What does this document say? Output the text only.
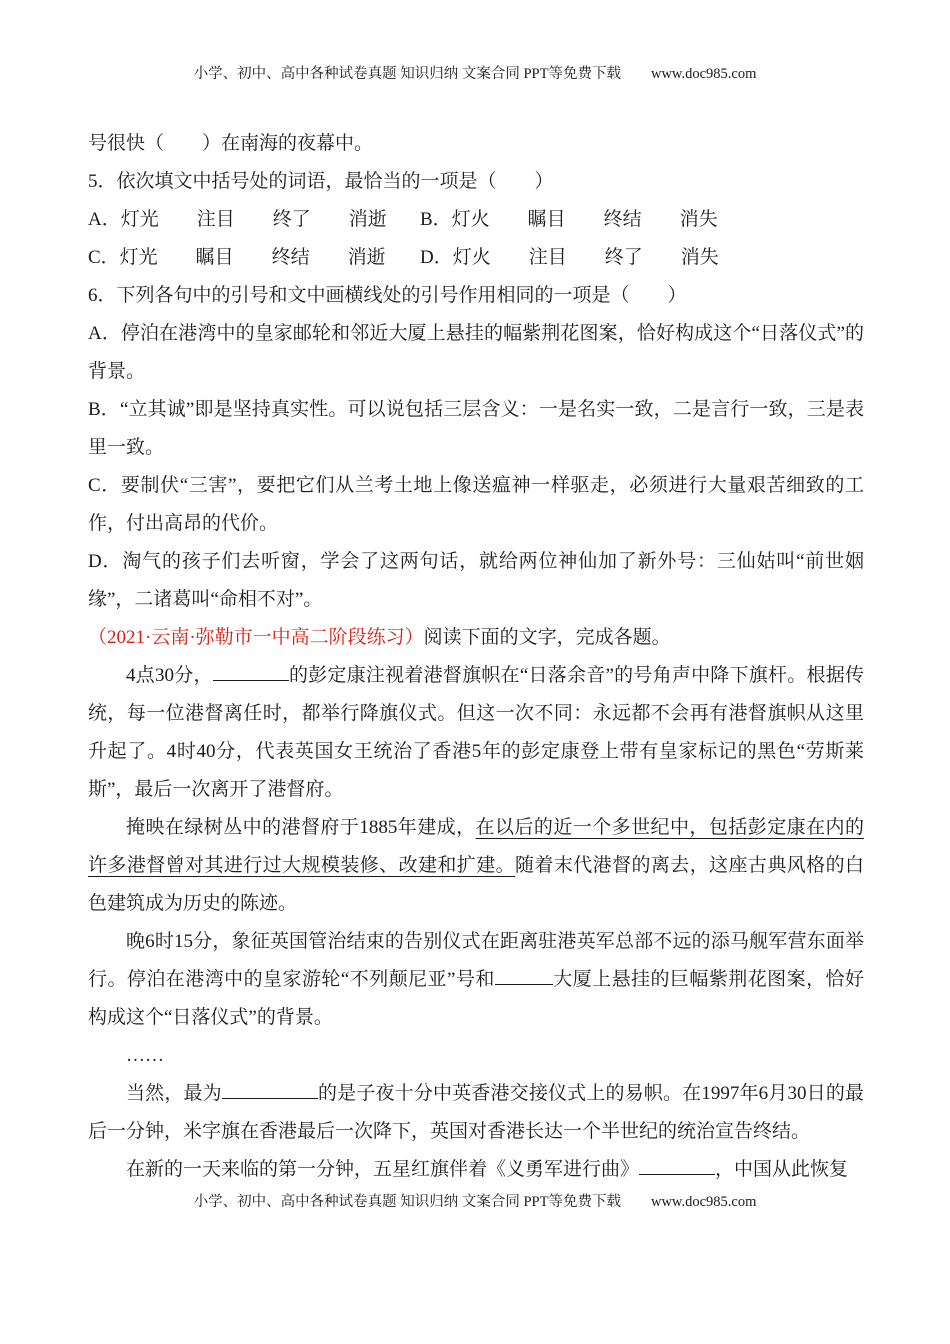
小学、初中、高中各种试卷真题 知识归纳 文案合同 PPT等免费下载 www.doc985.com

号很快（　　）在南海的夜幕中。

5．依次填文中括号处的词语，最恰当的一项是（　　）

A．灯光　　注目　　终了　　消逝	B．灯火　　瞩目　　终结　　消失
C．灯光　　瞩目　　终结　　消逝	D．灯火　　注目　　终了　　消失

6．下列各句中的引号和文中画横线处的引号作用相同的一项是（　　）

A．停泊在港湾中的皇家邮轮和邻近大厦上悬挂的幅紫荆花图案，恰好构成这个“日落仪式”的背景。

B．“立其诚”即是坚持真实性。可以说包括三层含义：一是名实一致，二是言行一致，三是表里一致。

C．要制伏“三害”，要把它们从兰考土地上像送瘟神一样驱走，必须进行大量艰苦细致的工作，付出高昂的代价。

D．淘气的孩子们去听窗，学会了这两句话，就给两位神仙加了新外号：三仙姑叫“前世姻缘”，二诸葛叫“命相不对”。

（2021·云南·弥勒市一中高二阶段练习）阅读下面的文字，完成各题。

4点30分，	的彭定康注视着港督旗帜在“日落余音”的号角声中降下旗杆。根据传统，每一位港督离任时，都举行降旗仪式。但这一次不同：永远都不会再有港督旗帜从这里升起了。4时40分，代表英国女王统治了香港5年的彭定康登上带有皇家标记的黑色“劳斯莱斯”，最后一次离开了港督府。

掩映在绿树丛中的港督府于1885年建成，在以后的近一个多世纪中，包括彭定康在内的许多港督曾对其进行过大规模装修、改建和扩建。随着末代港督的离去，这座古典风格的白色建筑成为历史的陈迹。

晚6时15分，象征英国管治结束的告别仪式在距离驻港英军总部不远的添马舰军营东面举行。停泊在港湾中的皇家游轮“不列颠尼亚”号和	大厦上悬挂的巨幅紫荆花图案，恰好构成这个“日落仪式”的背景。

……

当然，最为	的是子夜十分中英香港交接仪式上的易帜。在1997年6月30日的最后一分钟，米字旗在香港最后一次降下，英国对香港长达一个半世纪的统治宣告终结。

在新的一天来临的第一分钟，五星红旗伴着《义勇军进行曲》	，中国从此恢复

小学、初中、高中各种试卷真题 知识归纳 文案合同 PPT等免费下载 www.doc985.com
